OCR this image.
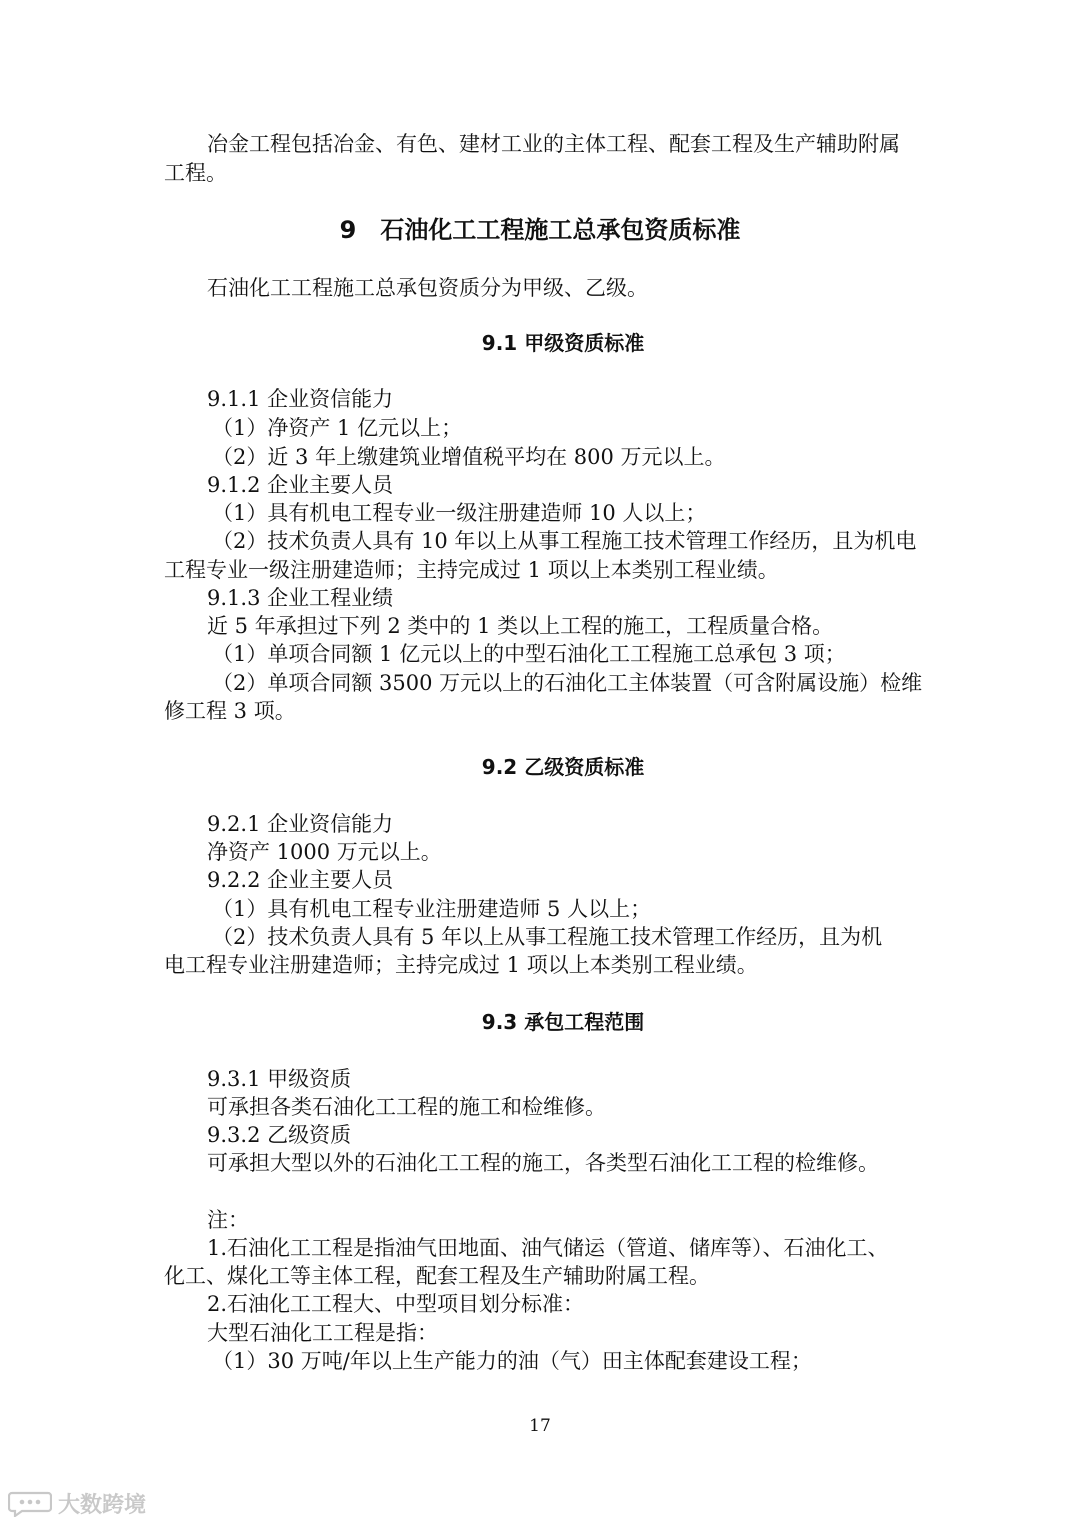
冶金工程包括冶金、有色、建材工业的主体工程、配套工程及生产辅助附属
工程。
9　石油化工工程施工总承包资质标准
石油化工工程施工总承包资质分为甲级、乙级。
9.1 甲级资质标准
9.1.1 企业资信能力
（1）净资产 1 亿元以上；
（2）近 3 年上缴建筑业增值税平均在 800 万元以上。
9.1.2 企业主要人员
（1）具有机电工程专业一级注册建造师 10 人以上；
（2）技术负责人具有 10 年以上从事工程施工技术管理工作经历，且为机电
工程专业一级注册建造师；主持完成过 1 项以上本类别工程业绩。
9.1.3 企业工程业绩
近 5 年承担过下列 2 类中的 1 类以上工程的施工，工程质量合格。
（1）单项合同额 1 亿元以上的中型石油化工工程施工总承包 3 项；
（2）单项合同额 3500 万元以上的石油化工主体装置（可含附属设施）检维
修工程 3 项。
9.2 乙级资质标准
9.2.1 企业资信能力
净资产 1000 万元以上。
9.2.2 企业主要人员
（1）具有机电工程专业注册建造师 5 人以上；
（2）技术负责人具有 5 年以上从事工程施工技术管理工作经历，且为机
电工程专业注册建造师；主持完成过 1 项以上本类别工程业绩。
9.3 承包工程范围
9.3.1 甲级资质
可承担各类石油化工工程的施工和检维修。
9.3.2 乙级资质
可承担大型以外的石油化工工程的施工，各类型石油化工工程的检维修。
注：
1.石油化工工程是指油气田地面、油气储运（管道、储库等）、石油化工、
化工、煤化工等主体工程，配套工程及生产辅助附属工程。
2.石油化工工程大、中型项目划分标准：
大型石油化工工程是指：
（1）30 万吨/年以上生产能力的油（气）田主体配套建设工程；
17
大数跨境
